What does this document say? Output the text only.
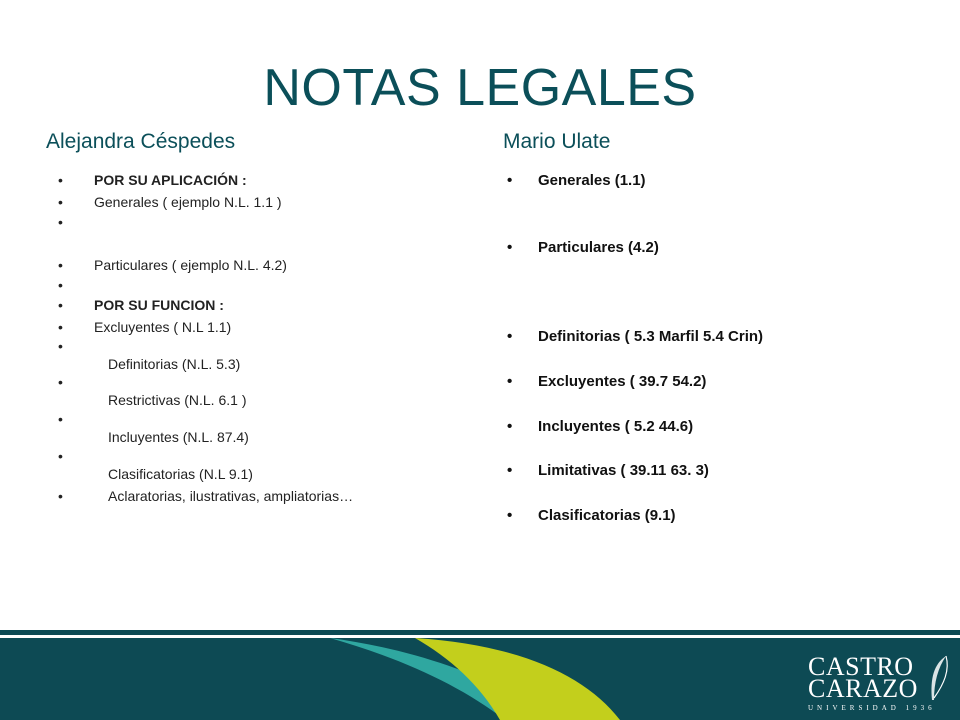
NOTAS LEGALES
Alejandra Céspedes	Mario Ulate
• POR SU APLICACIÓN :
• Generales ( ejemplo N.L. 1.1 )
•
• Particulares ( ejemplo N.L. 4.2)
•
• POR SU FUNCION :
• Excluyentes ( N.L 1.1)
•
Definitorias (N.L. 5.3)
•
Restrictivas (N.L. 6.1 )
•
Incluyentes (N.L. 87.4)
•
Clasificatorias (N.L 9.1)
•	Aclaratorias, ilustrativas, ampliatorias…
• Generales (1.1)
• Particulares (4.2)
• Definitorias ( 5.3 Marfil 5.4 Crin)
• Excluyentes ( 39.7 54.2)
• Incluyentes ( 5.2 44.6)
• Limitativas ( 39.11 63. 3)
• Clasificatorias (9.1)
CASTRO
CARAZO
UNIVERSIDAD 1936
